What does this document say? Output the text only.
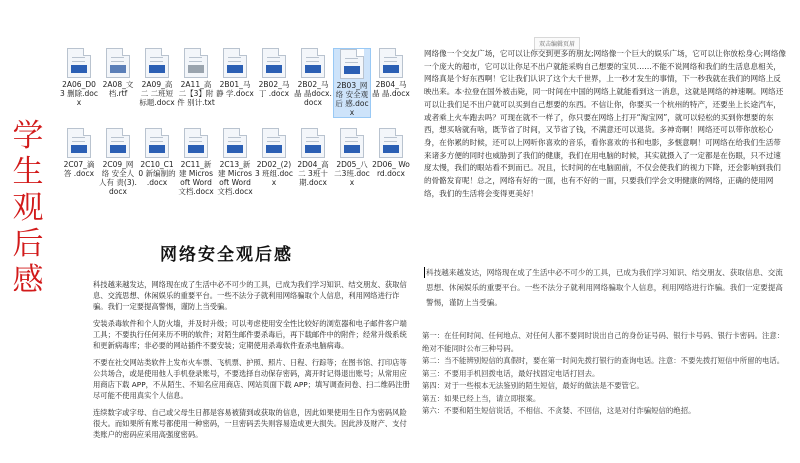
学
生
观
后
感
2A06_D03 删除.docx
2A08_文档.rtf
2A09_高二 二班短标题.docx
2A11_高二【3】附件 别计.txt
2B01_马静 学.docx
2B02_马丁 .docx
2B02_马晶 晶docx.docx
2B03_网络 安全观后 感.docx
2B04_马晶 晶.docx
2C07_滴答 .docx
2C09_网络 安全人人有 责(3).docx
2C10_C10 新编制的 .docx
2C11_新建 Microsoft Word 文档.docx
2C13_新建 Microsoft Word 文档.docx
2D02_(2)3 班组.docx
2D04_高二 3班十期.docx
2D05_八 二3班.docx
2D06_ Word.docx
网络安全观后感

科技越来越发达，网络现在成了生活中必不可少的工具，已成为我们学习知识、结交朋友、获取信息、交流思想、休闲娱乐的重要平台。一些不法分子就利用网络骗取个人信息，利用网络进行诈骗。我们一定要提高警惕，谨防上当受骗。

安装杀毒软件和个人防火墙，并及时升级；可以考虑使用安全性比较好的浏览器和电子邮件客户端工具；不要执行任何来历不明的软件；对陌生邮件要杀毒后，再下载邮件中的附件；经常升级系统和更新病毒库；非必要的网站插件不要安装；定期使用杀毒软件查杀电脑病毒。

不要在社交网站类软件上发布火车票、飞机票、护照、照片、日程、行踪等；在图书馆、打印店等公共场合，或是使用他人手机登录账号，不要选择自动保存密码，离开时记得退出账号；从常用应用商店下载 APP，不从陌生、不知名应用商店、网站页面下载 APP；填写调查问卷、扫二维码注册尽可能不使用真实个人信息。

连续数字或字母、自己或父母生日都是容易被猜到或获取的信息，因此如果使用生日作为密码风险很大。而如果所有账号都使用一种密码，一旦密码丢失则容易造成更大损失。因此涉及财产、支付类账户的密码应采用高强度密码。

双击编辑页眉
网络像一个交友广场，它可以让你交到更多的朋友;网络像一个巨大的娱乐广场，它可以让你放松身心;网络像一个庞大的超市，它可以让你足不出户就能采购自己想要的宝贝……不能不说网络和我们的生活息息相关，网络真是个好东西啊！它让我们认识了这个大千世界，上一秒才发生的事情，下一秒我就在我们的网络上反映出来。本·拉登在国外被击毙，同一时间在中国的网络上就能看到这一消息，这就是网络的神速啊。网络还可以让我们足不出户就可以买到自己想要的东西。不信让你，你要买一个杭州的特产，还要坐上长途汽车，或者乘上火车跑去吗？可现在就不一样了，你只要在网络上打开“淘宝网”，就可以轻松的买到你想要的东西，想买啥就有啥，既节省了时间，又节省了钱，不满意还可以退货。多神奇啊！网络还可以带你放松心身，在你累的时候，还可以上网听你喜欢的音乐，看你喜欢的书和电影，多惬意啊！可网络在给我们生活带来诸多方便的同时也威胁到了我们的健康，我们在用电脑的时候，其实就摄入了一定都是在伤眼，只不过速度太慢，我们的眼站看不到而已。况且，长时间的在电脑面前，不仅会使我们的视力下降，还会影响到我们的骨骼发育呢！总之，网络有好的一面，也有不好的一面，只要我们学会文明健康的网络，正确的使用网络，我们的生活将会变得更美好！
科技越来越发达，网络现在成了生活中必不可少的工具，已成为我们学习知识、结交朋友、获取信息、交流思想、休闲娱乐的重要平台。一些不法分子就利用网络骗取个人信息，利用网络进行诈骗。我们一定要提高警惕，谨防上当受骗。
第一：在任何时间、任何地点、对任何人都不要同时说出自己的身份证号码、银行卡号码、银行卡密码。注意：绝对不能同时公布三种号码。
第二：当不能辨别短信的真假时，要在第一时间先拨打银行的查询电话。注意：不要先拨打短信中所留的电话。
第三：不要用手机回拨电话，最好找固定电话打回去。
第四：对于一些根本无法鉴别的陌生短信，最好的做法是不要管它。
第五：如果已经上当，请立即报案。
第六：不要和陌生短信说话，不相信、不贪婪、不回信，这是对付诈骗短信的绝招。
